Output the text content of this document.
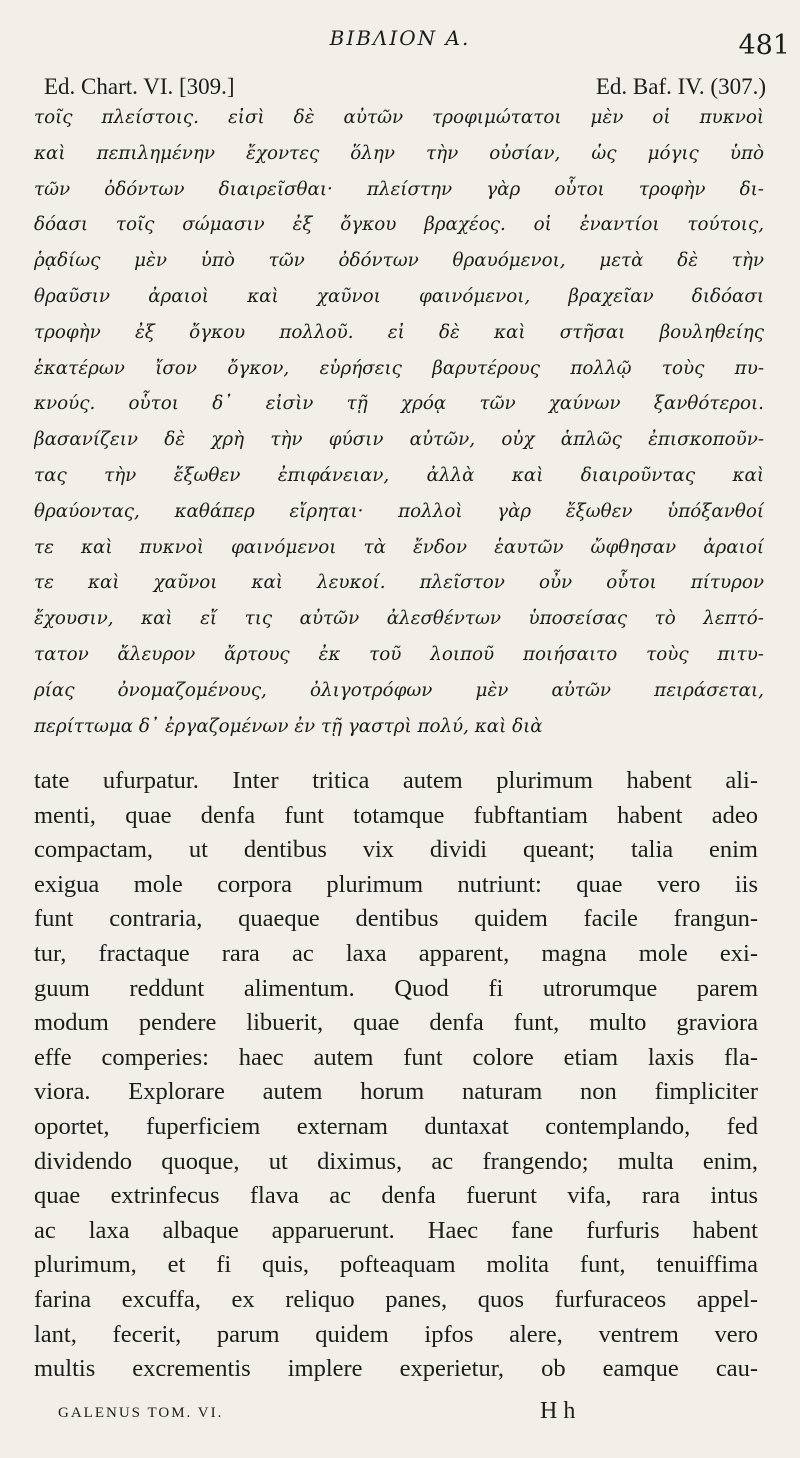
BIBΛΙΟΝ Α.	481
Ed. Chart. VI. [309.]	Ed. Baf. IV. (307.)
τοῖς πλείστοις. εἰσὶ δὲ αὐτῶν τροφιμώτατοι μὲν οἱ πυκνοὶ
καὶ πεπιλημένην ἔχοντες ὅλην τὴν οὐσίαν, ὡς μόγις ὑπὸ
τῶν ὀδόντων διαιρεῖσθαι· πλείστην γὰρ οὗτοι τροφὴν δι-
δόασι τοῖς σώμασιν ἐξ ὄγκου βραχέος. οἱ ἐναντίοι τούτοις,
ῥᾳδίως μὲν ὑπὸ τῶν ὀδόντων θραυόμενοι, μετὰ δὲ τὴν
θραῦσιν ἀραιοὶ καὶ χαῦνοι φαινόμενοι, βραχεῖαν διδόασι
τροφὴν ἐξ ὄγκου πολλοῦ. εἰ δὲ καὶ στῆσαι βουληθείης
ἑκατέρων ἴσον ὄγκον, εὑρήσεις βαρυτέρους πολλῷ τοὺς πυ-
κνούς. οὗτοι δ᾽ εἰσὶν τῇ χρόᾳ τῶν χαύνων ξανθότεροι.
βασανίζειν δὲ χρὴ τὴν φύσιν αὐτῶν, οὐχ ἁπλῶς ἐπισκοποῦν-
τας τὴν ἔξωθεν ἐπιφάνειαν, ἀλλὰ καὶ διαιροῦντας καὶ
θραύοντας, καθάπερ εἴρηται· πολλοὶ γὰρ ἔξωθεν ὑπόξανθοί
τε καὶ πυκνοὶ φαινόμενοι τὰ ἔνδον ἑαυτῶν ὤφθησαν ἀραιοί
τε καὶ χαῦνοι καὶ λευκοί. πλεῖστον οὖν οὗτοι πίτυρον
ἔχουσιν, καὶ εἴ τις αὐτῶν ἀλεσθέντων ὑποσείσας τὸ λεπτό-
τατον ἄλευρον ἄρτους ἐκ τοῦ λοιποῦ ποιήσαιτο τοὺς πιτυ-
ρίας ὀνομαζομένους, ὀλιγοτρόφων μὲν αὐτῶν πειράσεται,
περίττωμα δ᾽ ἐργαζομένων ἐν τῇ γαστρὶ πολύ, καὶ διὰ
tate ufurpatur. Inter tritica autem plurimum habent ali-
menti, quae denfa funt totamque fubftantiam habent adeo
compactam, ut dentibus vix dividi queant; talia enim
exigua mole corpora plurimum nutriunt: quae vero iis
funt contraria, quaeque dentibus quidem facile frangun-
tur, fractaque rara ac laxa apparent, magna mole exi-
guum reddunt alimentum. Quod fi utrorumque parem
modum pendere libuerit, quae denfa funt, multo graviora
effe comperies: haec autem funt colore etiam laxis fla-
viora. Explorare autem horum naturam non fimpliciter
oportet, fuperficiem externam duntaxat contemplando, fed
dividendo quoque, ut diximus, ac frangendo; multa enim,
quae extrinfecus flava ac denfa fuerunt vifa, rara intus
ac laxa albaque apparuerunt. Haec fane furfuris habent
plurimum, et fi quis, pofteaquam molita funt, tenuiffima
farina excuffa, ex reliquo panes, quos furfuraceos appel-
lant, fecerit, parum quidem ipfos alere, ventrem vero
multis excrementis implere experietur, ob eamque cau-
GALENUS TOM. VI.	H h
